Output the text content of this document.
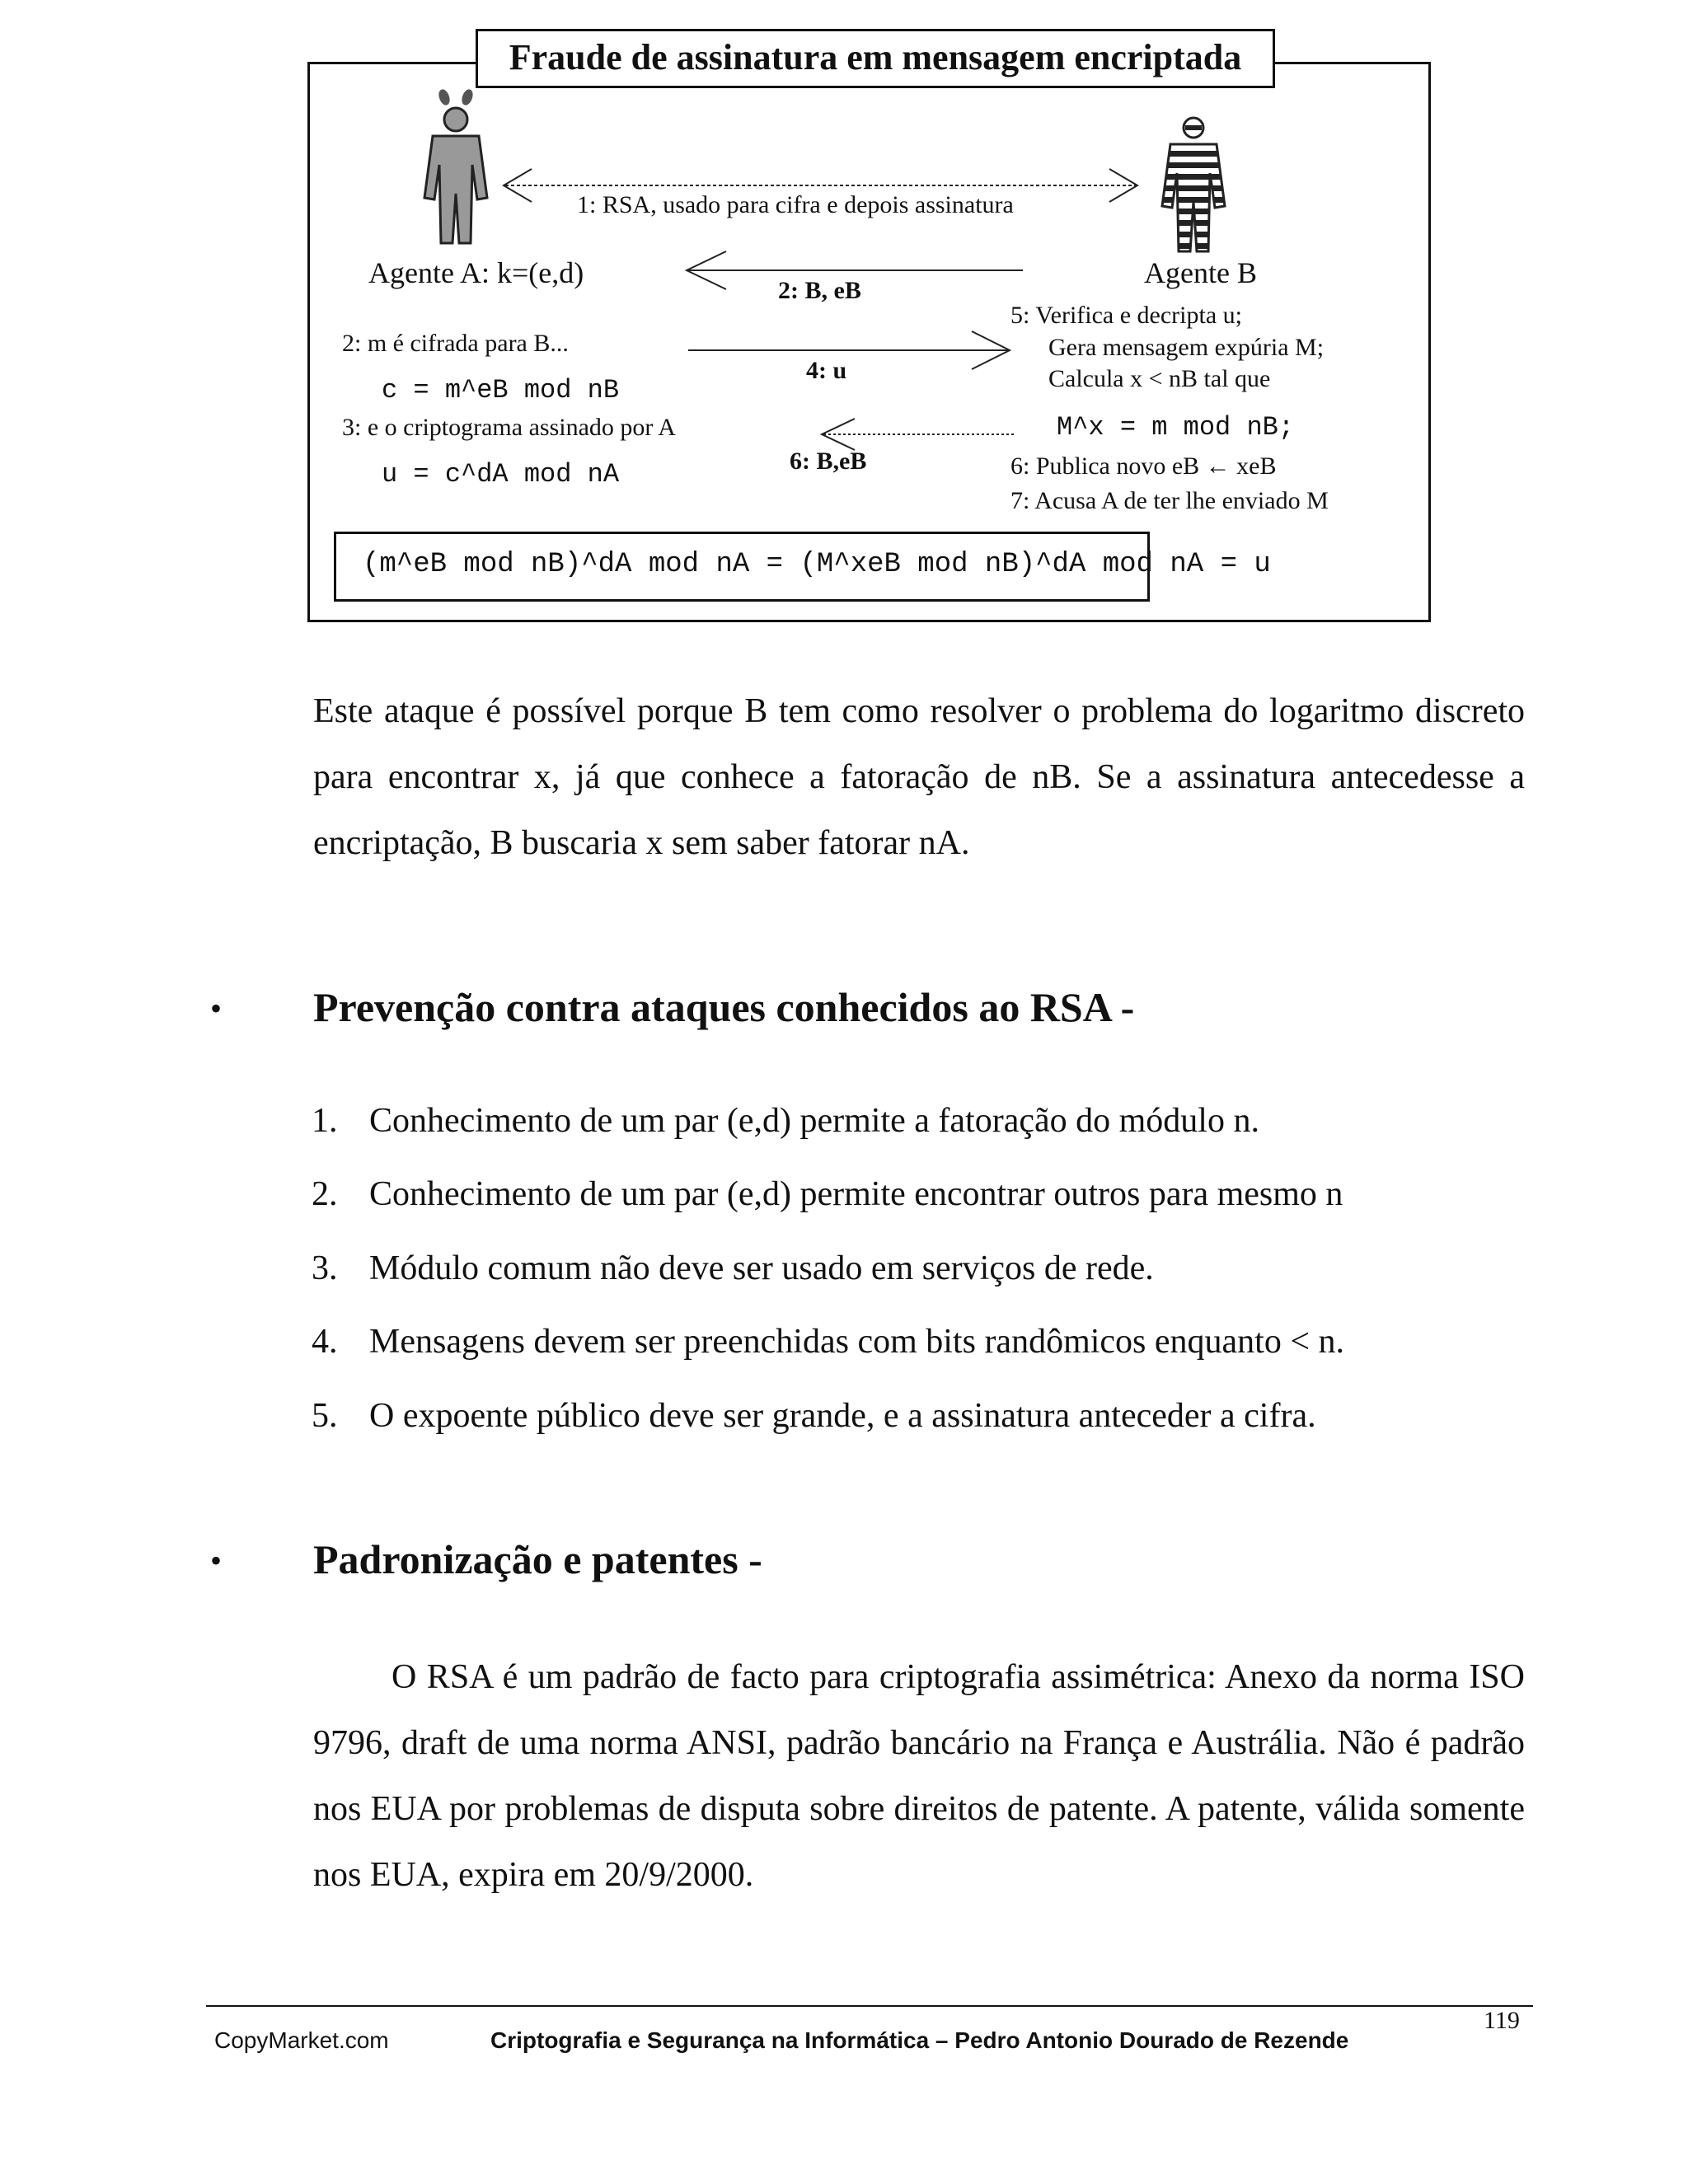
Fraude de assinatura em mensagem encriptada
1: RSA, usado para cifra e depois assinatura
Agente A: k=(e,d)	Agente B
2: B, eB
4: u
6: B,eB
2: m é cifrada para B...
c = m^eB mod nB
3: e o criptograma assinado por A
u = c^dA mod nA
5: Verifica e decripta u;
Gera mensagem expúria M;
Calcula x < nB tal que
M^x = m mod nB;
6: Publica novo eB ← xeB
7: Acusa A de ter lhe enviado M
(m^eB mod nB)^dA mod nA = (M^xeB mod nB)^dA mod nA = u
Este ataque é possível porque B tem como resolver o problema do logaritmo discreto para encontrar x, já que conhece a fatoração de nB. Se a assinatura antecedesse a encriptação, B buscaria x sem saber fatorar nA.
• Prevenção contra ataques conhecidos ao RSA -
1. Conhecimento de um par (e,d) permite a fatoração do módulo n.
2. Conhecimento de um par (e,d) permite encontrar outros para mesmo n
3. Módulo comum não deve ser usado em serviços de rede.
4. Mensagens devem ser preenchidas com bits randômicos enquanto < n.
5. O expoente público deve ser grande, e a assinatura anteceder a cifra.
• Padronização e patentes -
O RSA é um padrão de facto para criptografia assimétrica: Anexo da norma ISO 9796, draft de uma norma ANSI, padrão bancário na França e Austrália. Não é padrão nos EUA por problemas de disputa sobre direitos de patente. A patente, válida somente nos EUA, expira em 20/9/2000.
119
CopyMarket.com	Criptografia e Segurança na Informática – Pedro Antonio Dourado de Rezende
